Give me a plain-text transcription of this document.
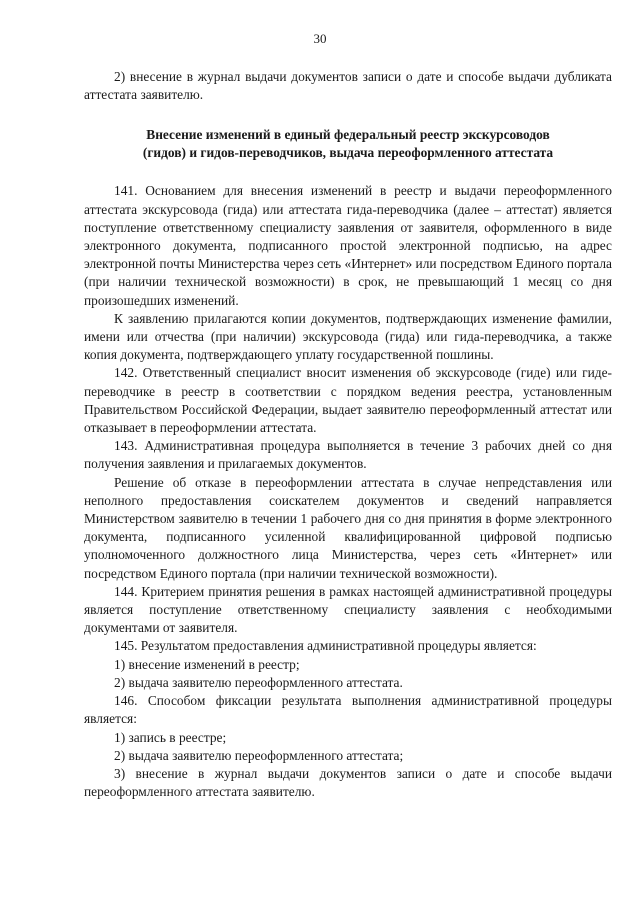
30

2) внесение в журнал выдачи документов записи о дате и способе выдачи дубликата аттестата заявителю.

Внесение изменений в единый федеральный реестр экскурсоводов
(гидов) и гидов-переводчиков, выдача переоформленного аттестата

141. Основанием для внесения изменений в реестр и выдачи переоформленного аттестата экскурсовода (гида) или аттестата гида-переводчика (далее – аттестат) является поступление ответственному специалисту заявления от заявителя, оформленного в виде электронного документа, подписанного простой электронной подписью, на адрес электронной почты Министерства через сеть «Интернет» или посредством Единого портала (при наличии технической возможности) в срок, не превышающий 1 месяц со дня произошедших изменений.

К заявлению прилагаются копии документов, подтверждающих изменение фамилии, имени или отчества (при наличии) экскурсовода (гида) или гида-переводчика, а также копия документа, подтверждающего уплату государственной пошлины.

142. Ответственный специалист вносит изменения об экскурсоводе (гиде) или гиде-переводчике в реестр в соответствии с порядком ведения реестра, установленным Правительством Российской Федерации, выдает заявителю переоформленный аттестат или отказывает в переоформлении аттестата.

143. Административная процедура выполняется в течение 3 рабочих дней со дня получения заявления и прилагаемых документов.

Решение об отказе в переоформлении аттестата в случае непредставления или неполного предоставления соискателем документов и сведений направляется Министерством заявителю в течении 1 рабочего дня со дня принятия в форме электронного документа, подписанного усиленной квалифицированной цифровой подписью уполномоченного должностного лица Министерства, через сеть «Интернет» или посредством Единого портала (при наличии технической возможности).

144. Критерием принятия решения в рамках настоящей административной процедуры является поступление ответственному специалисту заявления с необходимыми документами от заявителя.

145. Результатом предоставления административной процедуры является:

1) внесение изменений в реестр;

2) выдача заявителю переоформленного аттестата.

146. Способом фиксации результата выполнения административной процедуры является:

1) запись в реестре;

2) выдача заявителю переоформленного аттестата;

3) внесение в журнал выдачи документов записи о дате и способе выдачи переоформленного аттестата заявителю.
